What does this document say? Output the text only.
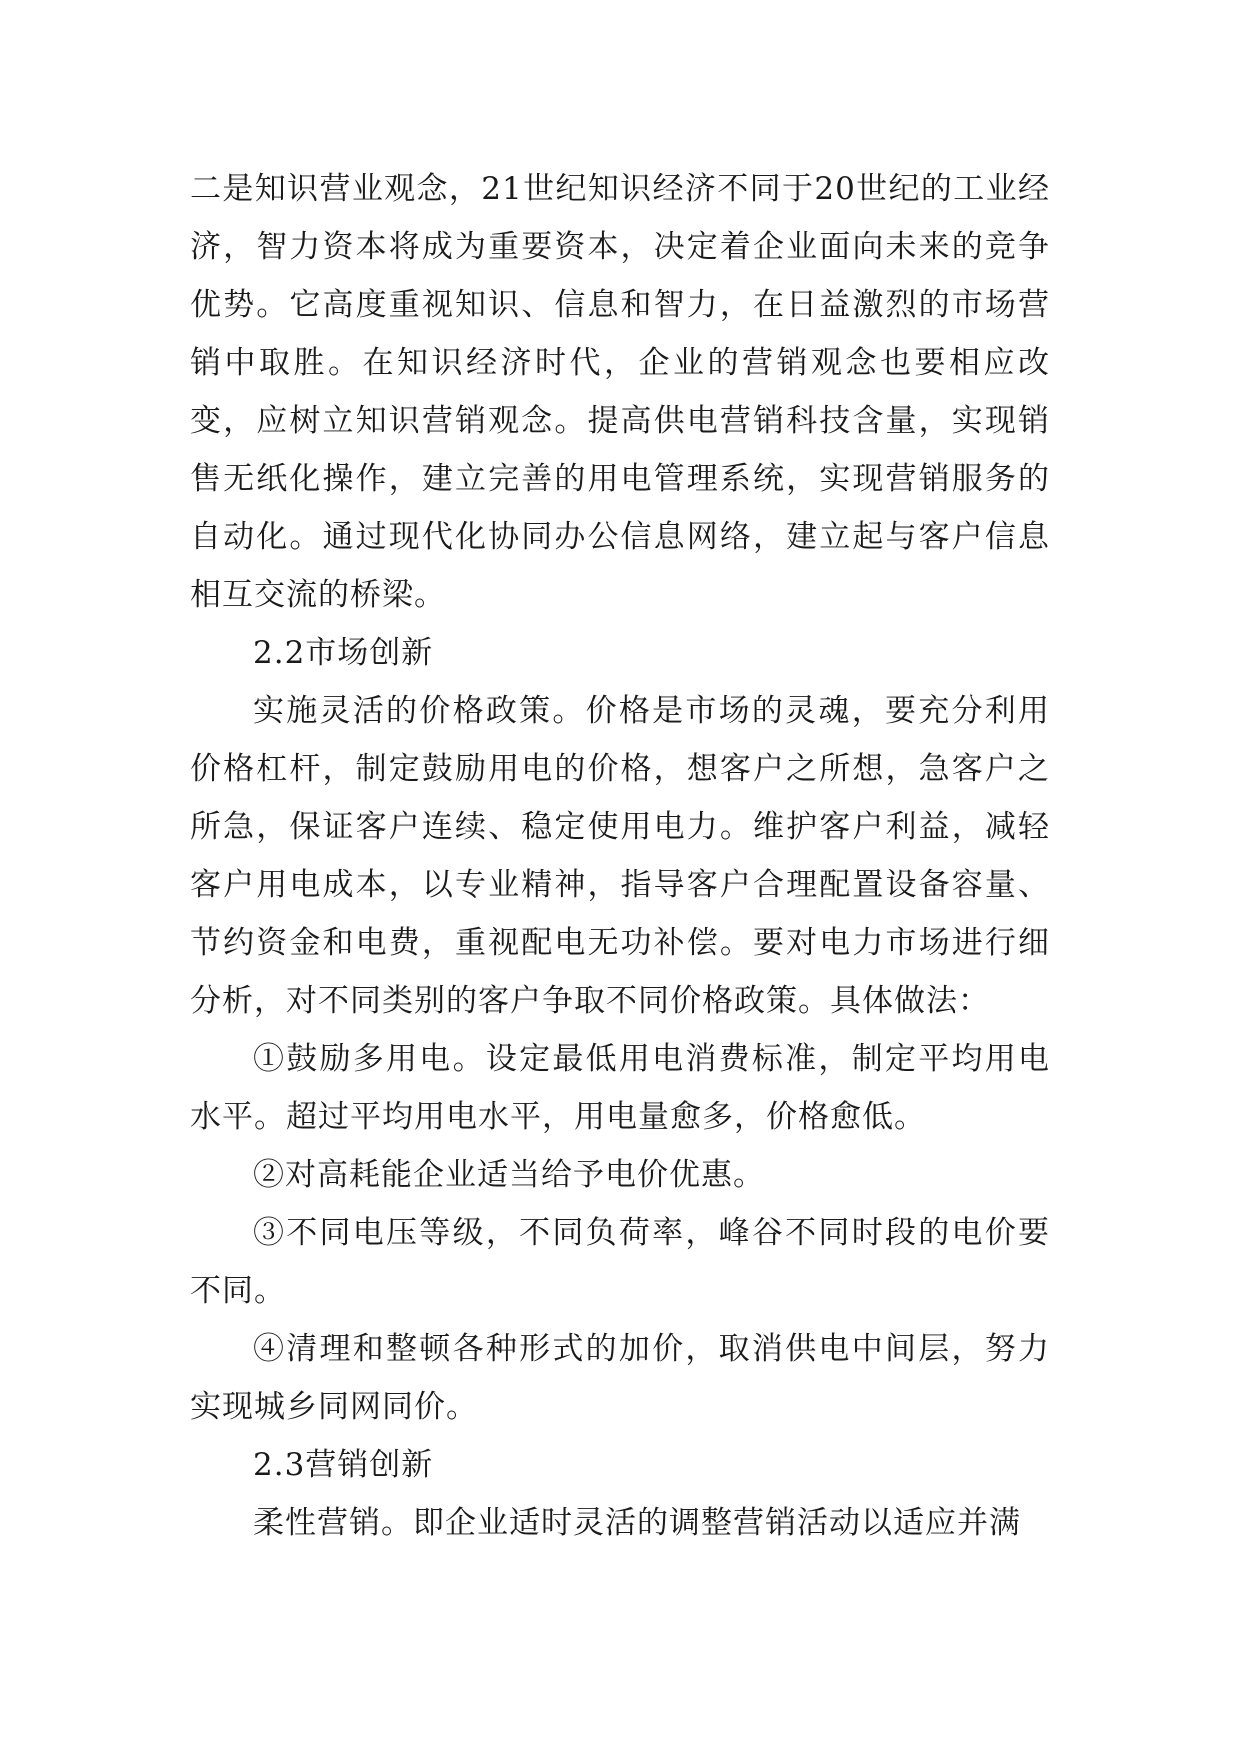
二是知识营业观念，21世纪知识经济不同于20世纪的工业经济，智力资本将成为重要资本，决定着企业面向未来的竞争优势。它高度重视知识、信息和智力，在日益激烈的市场营销中取胜。在知识经济时代，企业的营销观念也要相应改变，应树立知识营销观念。提高供电营销科技含量，实现销售无纸化操作，建立完善的用电管理系统，实现营销服务的自动化。通过现代化协同办公信息网络，建立起与客户信息相互交流的桥梁。

2.2市场创新

实施灵活的价格政策。价格是市场的灵魂，要充分利用价格杠杆，制定鼓励用电的价格，想客户之所想，急客户之所急，保证客户连续、稳定使用电力。维护客户利益，减轻客户用电成本，以专业精神，指导客户合理配置设备容量、节约资金和电费，重视配电无功补偿。要对电力市场进行细分析，对不同类别的客户争取不同价格政策。具体做法：

①鼓励多用电。设定最低用电消费标准，制定平均用电水平。超过平均用电水平，用电量愈多，价格愈低。

②对高耗能企业适当给予电价优惠。

③不同电压等级，不同负荷率，峰谷不同时段的电价要不同。

④清理和整顿各种形式的加价，取消供电中间层，努力实现城乡同网同价。

2.3营销创新

柔性营销。即企业适时灵活的调整营销活动以适应并满
